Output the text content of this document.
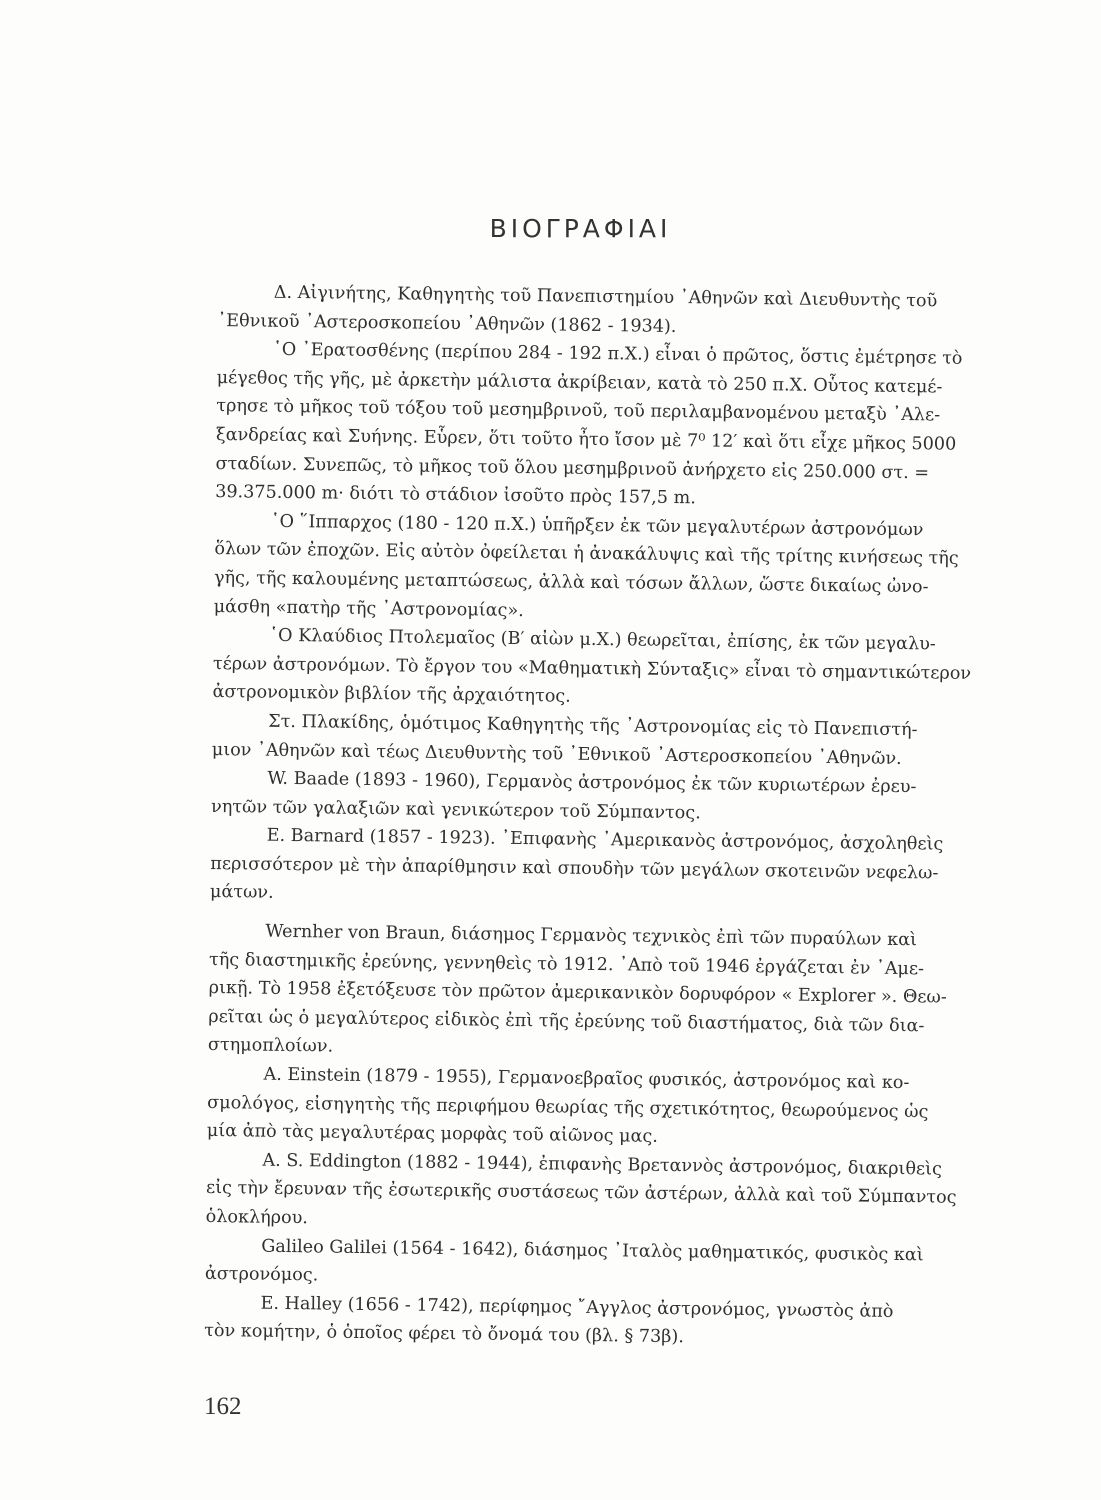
ΒΙΟΓΡΑΦΙΑΙ
Δ. Αἰγινήτης, Καθηγητὴς τοῦ Πανεπιστημίου ᾽Αθηνῶν καὶ Διευθυντὴς τοῦ
᾽Εθνικοῦ ᾽Αστεροσκοπείου ᾽Αθηνῶν (1862 - 1934).
῾Ο ᾽Ερατοσθένης (περίπου 284 - 192 π.Χ.) εἶναι ὁ πρῶτος, ὅστις ἐμέτρησε τὸ
μέγεθος τῆς γῆς, μὲ ἀρκετὴν μάλιστα ἀκρίβειαν, κατὰ τὸ 250 π.Χ. Οὗτος κατεμέ-
τρησε τὸ μῆκος τοῦ τόξου τοῦ μεσημβρινοῦ, τοῦ περιλαμβανομένου μεταξὺ ᾽Αλε-
ξανδρείας καὶ Συήνης. Εὗρεν, ὅτι τοῦτο ἦτο ἴσον μὲ 7⁰ 12′ καὶ ὅτι εἶχε μῆκος 5000
σταδίων. Συνεπῶς, τὸ μῆκος τοῦ ὅλου μεσημβρινοῦ ἀνήρχετο εἰς 250.000 στ. =
39.375.000 m· διότι τὸ στάδιον ἰσοῦτο πρὸς 157,5 m.
῾Ο ῞Ιππαρχος (180 - 120 π.Χ.) ὑπῆρξεν ἐκ τῶν μεγαλυτέρων ἀστρονόμων
ὅλων τῶν ἐποχῶν. Εἰς αὐτὸν ὀφείλεται ἡ ἀνακάλυψις καὶ τῆς τρίτης κινήσεως τῆς
γῆς, τῆς καλουμένης μεταπτώσεως, ἀλλὰ καὶ τόσων ἄλλων, ὥστε δικαίως ὠνο-
μάσθη «πατὴρ τῆς ᾽Αστρονομίας».
῾Ο Κλαύδιος Πτολεμαῖος (Β′ αἰὼν μ.Χ.) θεωρεῖται, ἐπίσης, ἐκ τῶν μεγαλυ-
τέρων ἀστρονόμων. Τὸ ἔργον του «Μαθηματικὴ Σύνταξις» εἶναι τὸ σημαντικώτερον
ἀστρονομικὸν βιβλίον τῆς ἀρχαιότητος.
Στ. Πλακίδης, ὁμότιμος Καθηγητὴς τῆς ᾽Αστρονομίας εἰς τὸ Πανεπιστή-
μιον ᾽Αθηνῶν καὶ τέως Διευθυντὴς τοῦ ᾽Εθνικοῦ ᾽Αστεροσκοπείου ᾽Αθηνῶν.
W. Baade (1893 - 1960), Γερμανὸς ἀστρονόμος ἐκ τῶν κυριωτέρων ἐρευ-
νητῶν τῶν γαλαξιῶν καὶ γενικώτερον τοῦ Σύμπαντος.
E. Barnard (1857 - 1923). ᾽Επιφανὴς ᾽Αμερικανὸς ἀστρονόμος, ἀσχοληθεὶς
περισσότερον μὲ τὴν ἀπαρίθμησιν καὶ σπουδὴν τῶν μεγάλων σκοτεινῶν νεφελω-
μάτων.
Wernher von Braun, διάσημος Γερμανὸς τεχνικὸς ἐπὶ τῶν πυραύλων καὶ
τῆς διαστημικῆς ἐρεύνης, γεννηθεὶς τὸ 1912. ᾽Απὸ τοῦ 1946 ἐργάζεται ἐν ᾽Αμε-
ρικῇ. Τὸ 1958 ἐξετόξευσε τὸν πρῶτον ἀμερικανικὸν δορυφόρον « Explorer ». Θεω-
ρεῖται ὡς ὁ μεγαλύτερος εἰδικὸς ἐπὶ τῆς ἐρεύνης τοῦ διαστήματος, διὰ τῶν δια-
στημοπλοίων.
A. Einstein (1879 - 1955), Γερμανοεβραῖος φυσικός, ἀστρονόμος καὶ κο-
σμολόγος, εἰσηγητὴς τῆς περιφήμου θεωρίας τῆς σχετικότητος, θεωρούμενος ὡς
μία ἀπὸ τὰς μεγαλυτέρας μορφὰς τοῦ αἰῶνος μας.
A. S. Eddington (1882 - 1944), ἐπιφανὴς Βρεταννὸς ἀστρονόμος, διακριθεὶς
εἰς τὴν ἔρευναν τῆς ἐσωτερικῆς συστάσεως τῶν ἀστέρων, ἀλλὰ καὶ τοῦ Σύμπαντος
ὁλοκλήρου.
Galileo Galilei (1564 - 1642), διάσημος ᾽Ιταλὸς μαθηματικός, φυσικὸς καὶ
ἀστρονόμος.
E. Halley (1656 - 1742), περίφημος ῎Αγγλος ἀστρονόμος, γνωστὸς ἀπὸ
τὸν κομήτην, ὁ ὁποῖος φέρει τὸ ὄνομά του (βλ. § 73β).
162
